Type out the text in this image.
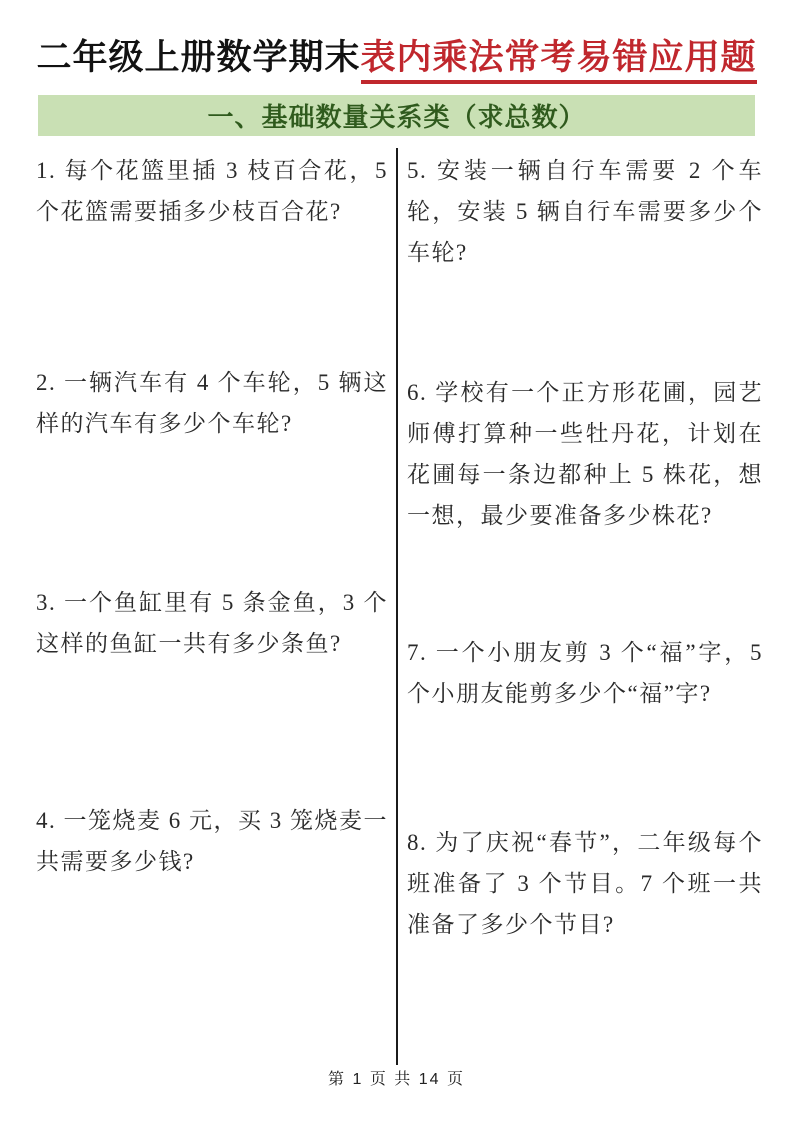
二年级上册数学期末表内乘法常考易错应用题
一、基础数量关系类（求总数）
1. 每个花篮里插 3 枝百合花，5 个花篮需要插多少枝百合花?
2. 一辆汽车有 4 个车轮，5 辆这样的汽车有多少个车轮?
3. 一个鱼缸里有 5 条金鱼，3 个这样的鱼缸一共有多少条鱼?
4. 一笼烧麦 6 元，买 3 笼烧麦一共需要多少钱?
5. 安装一辆自行车需要 2 个车轮，安装 5 辆自行车需要多少个车轮?
6. 学校有一个正方形花圃，园艺师傅打算种一些牡丹花，计划在花圃每一条边都种上 5 株花，想一想，最少要准备多少株花?
7. 一个小朋友剪 3 个“福”字，5 个小朋友能剪多少个“福”字?
8. 为了庆祝“春节”，二年级每个班准备了 3 个节目。7 个班一共准备了多少个节目?
第 1 页 共 14 页
